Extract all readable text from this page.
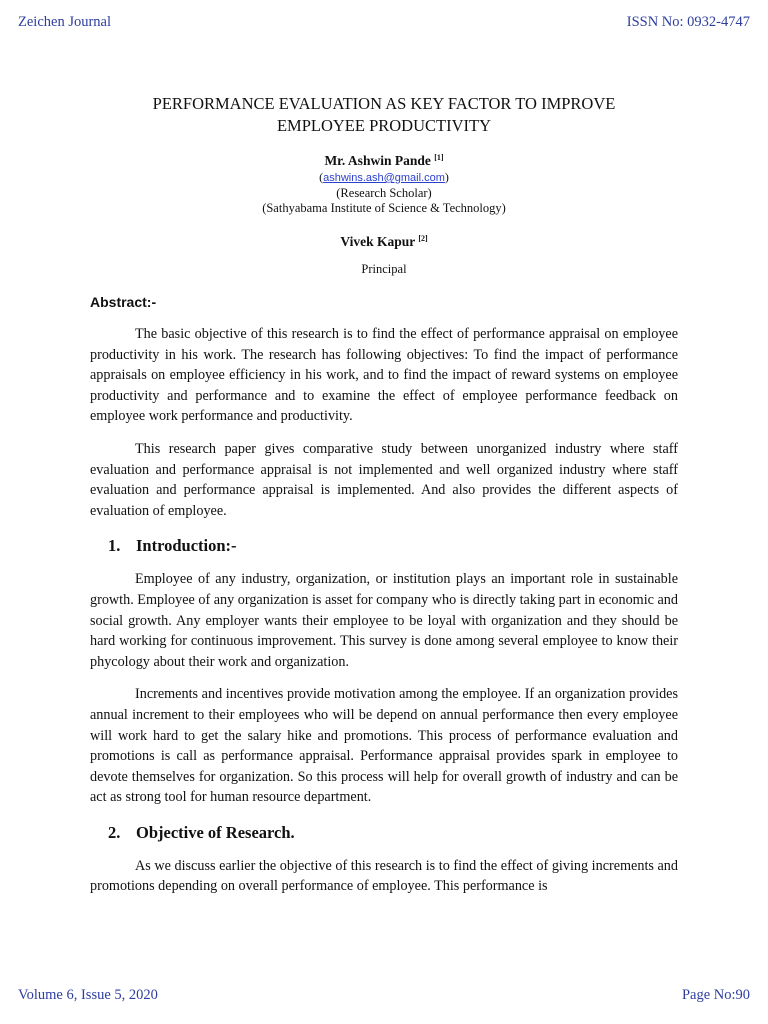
Zeichen Journal	ISSN No: 0932-4747
PERFORMANCE EVALUATION AS KEY FACTOR TO IMPROVE
EMPLOYEE PRODUCTIVITY
Mr. Ashwin Pande [1]
(ashwins.ash@gmail.com)
(Research Scholar)
(Sathyabama Institute of Science & Technology)
Vivek Kapur [2]
Principal
Abstract:-

The basic objective of this research is to find the effect of performance appraisal on employee productivity in his work. The research has following objectives: To find the impact of performance appraisals on employee efficiency in his work, and to find the impact of reward systems on employee productivity and performance and to examine the effect of employee performance feedback on employee work performance and productivity.

This research paper gives comparative study between unorganized industry where staff evaluation and performance appraisal is not implemented and well organized industry where staff evaluation and performance appraisal is implemented. And also provides the different aspects of evaluation of employee.

1. Introduction:-

Employee of any industry, organization, or institution plays an important role in sustainable growth. Employee of any organization is asset for company who is directly taking part in economic and social growth. Any employer wants their employee to be loyal with organization and they should be hard working for continuous improvement. This survey is done among several employee to know their phycology about their work and organization.

Increments and incentives provide motivation among the employee. If an organization provides annual increment to their employees who will be depend on annual performance then every employee will work hard to get the salary hike and promotions. This process of performance evaluation and promotions is call as performance appraisal. Performance appraisal provides spark in employee to devote themselves for organization. So this process will help for overall growth of industry and can be act as strong tool for human resource department.

2. Objective of Research.

As we discuss earlier the objective of this research is to find the effect of giving increments and promotions depending on overall performance of employee. This performance is

Volume 6, Issue 5, 2020	Page No:90
